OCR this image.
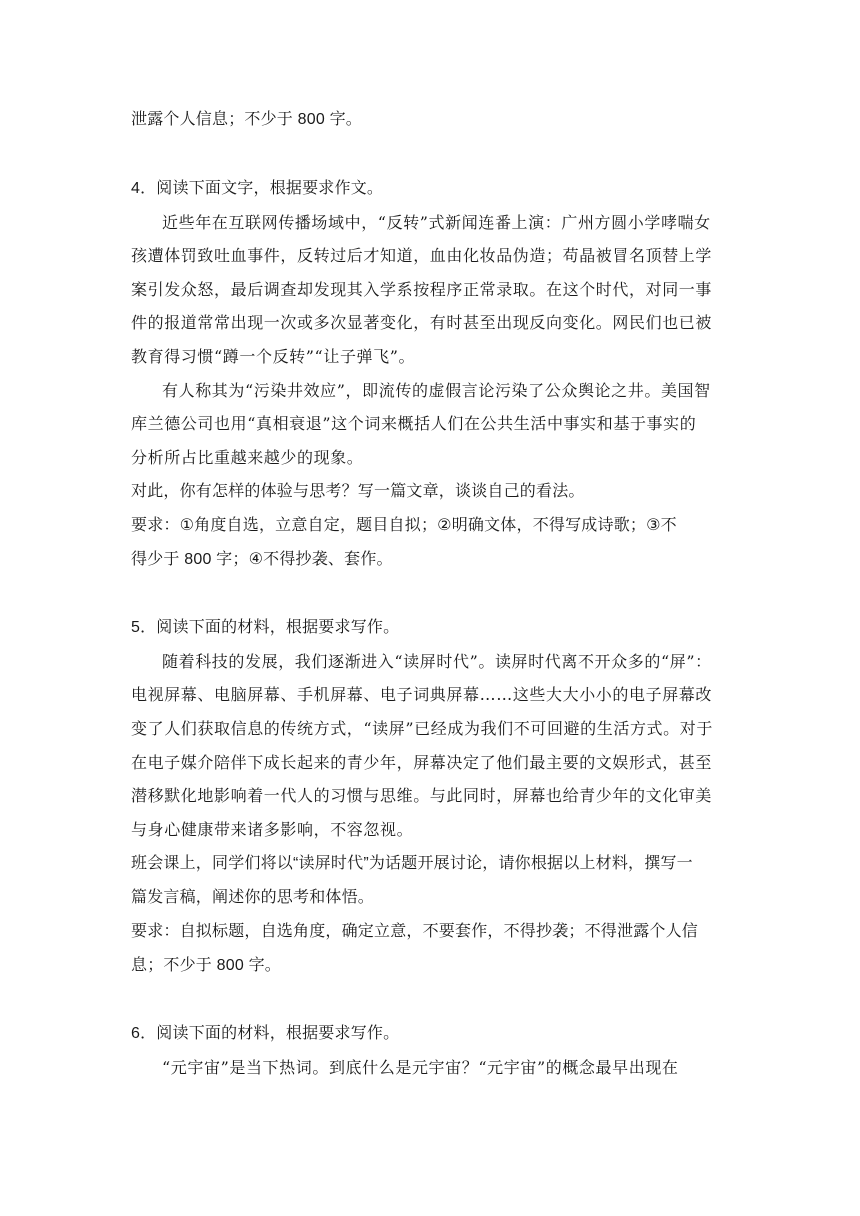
泄露个人信息；不少于 800 字。
4．阅读下面文字，根据要求作文。
近些年在互联网传播场域中，“反转”式新闻连番上演：广州方圆小学哮喘女
孩遭体罚致吐血事件，反转过后才知道，血由化妆品伪造；苟晶被冒名顶替上学
案引发众怒，最后调查却发现其入学系按程序正常录取。在这个时代，对同一事
件的报道常常出现一次或多次显著变化，有时甚至出现反向变化。网民们也已被
教育得习惯“蹲一个反转”“让子弹飞”。
有人称其为“污染井效应”，即流传的虚假言论污染了公众舆论之井。美国智
库兰德公司也用“真相衰退”这个词来概括人们在公共生活中事实和基于事实的
分析所占比重越来越少的现象。
对此，你有怎样的体验与思考？写一篇文章，谈谈自己的看法。
要求：①角度自选，立意自定，题目自拟；②明确文体，不得写成诗歌；③不
得少于 800 字；④不得抄袭、套作。
5．阅读下面的材料，根据要求写作。
随着科技的发展，我们逐渐进入“读屏时代”。读屏时代离不开众多的“屏”：
电视屏幕、电脑屏幕、手机屏幕、电子词典屏幕……这些大大小小的电子屏幕改
变了人们获取信息的传统方式，“读屏”已经成为我们不可回避的生活方式。对于
在电子媒介陪伴下成长起来的青少年，屏幕决定了他们最主要的文娱形式，甚至
潜移默化地影响着一代人的习惯与思维。与此同时，屏幕也给青少年的文化审美
与身心健康带来诸多影响，不容忽视。
班会课上，同学们将以“读屏时代”为话题开展讨论，请你根据以上材料，撰写一
篇发言稿，阐述你的思考和体悟。
要求：自拟标题，自选角度，确定立意，不要套作，不得抄袭；不得泄露个人信
息；不少于 800 字。
6．阅读下面的材料，根据要求写作。
“元宇宙”是当下热词。到底什么是元宇宙？“元宇宙”的概念最早出现在
